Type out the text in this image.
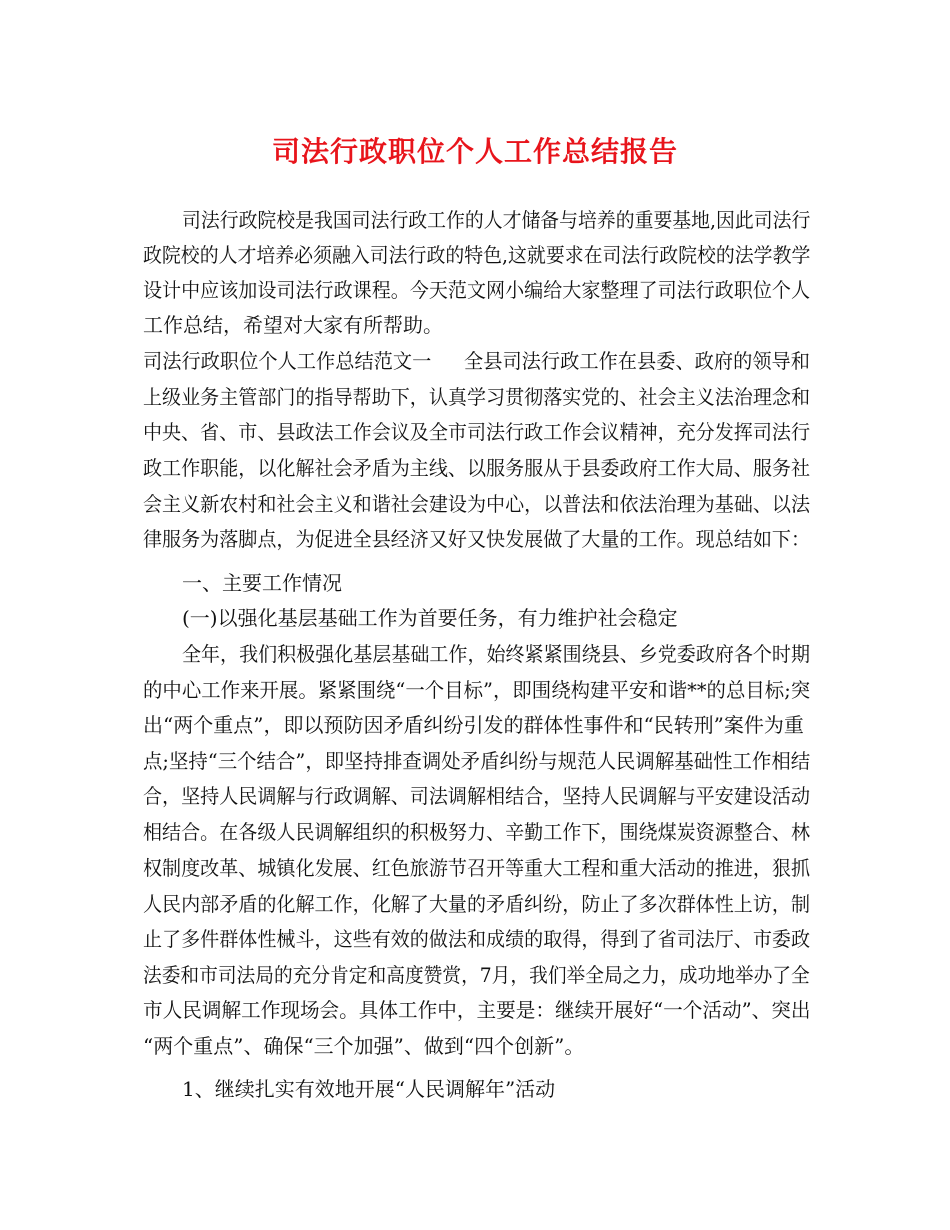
司法行政职位个人工作总结报告
司法行政院校是我国司法行政工作的人才储备与培养的重要基地,因此司法行
政院校的人才培养必须融入司法行政的特色,这就要求在司法行政院校的法学教学
设计中应该加设司法行政课程。今天范文网小编给大家整理了司法行政职位个人
工作总结，希望对大家有所帮助。
司法行政职位个人工作总结范文一 全县司法行政工作在县委、政府的领导和
上级业务主管部门的指导帮助下，认真学习贯彻落实党的、社会主义法治理念和
中央、省、市、县政法工作会议及全市司法行政工作会议精神，充分发挥司法行
政工作职能，以化解社会矛盾为主线、以服务服从于县委政府工作大局、服务社
会主义新农村和社会主义和谐社会建设为中心，以普法和依法治理为基础、以法
律服务为落脚点，为促进全县经济又好又快发展做了大量的工作。现总结如下：
一、主要工作情况
(一)以强化基层基础工作为首要任务，有力维护社会稳定
全年，我们积极强化基层基础工作，始终紧紧围绕县、乡党委政府各个时期
的中心工作来开展。紧紧围绕“一个目标”，即围绕构建平安和谐**的总目标;突
出“两个重点”，即以预防因矛盾纠纷引发的群体性事件和“民转刑”案件为重
点;坚持“三个结合”，即坚持排查调处矛盾纠纷与规范人民调解基础性工作相结
合，坚持人民调解与行政调解、司法调解相结合，坚持人民调解与平安建设活动
相结合。在各级人民调解组织的积极努力、辛勤工作下，围绕煤炭资源整合、林
权制度改革、城镇化发展、红色旅游节召开等重大工程和重大活动的推进，狠抓
人民内部矛盾的化解工作，化解了大量的矛盾纠纷，防止了多次群体性上访，制
止了多件群体性械斗，这些有效的做法和成绩的取得，得到了省司法厅、市委政
法委和市司法局的充分肯定和高度赞赏，7月，我们举全局之力，成功地举办了全
市人民调解工作现场会。具体工作中，主要是：继续开展好“一个活动”、突出
“两个重点”、确保“三个加强”、做到“四个创新”。
1、继续扎实有效地开展“人民调解年”活动
